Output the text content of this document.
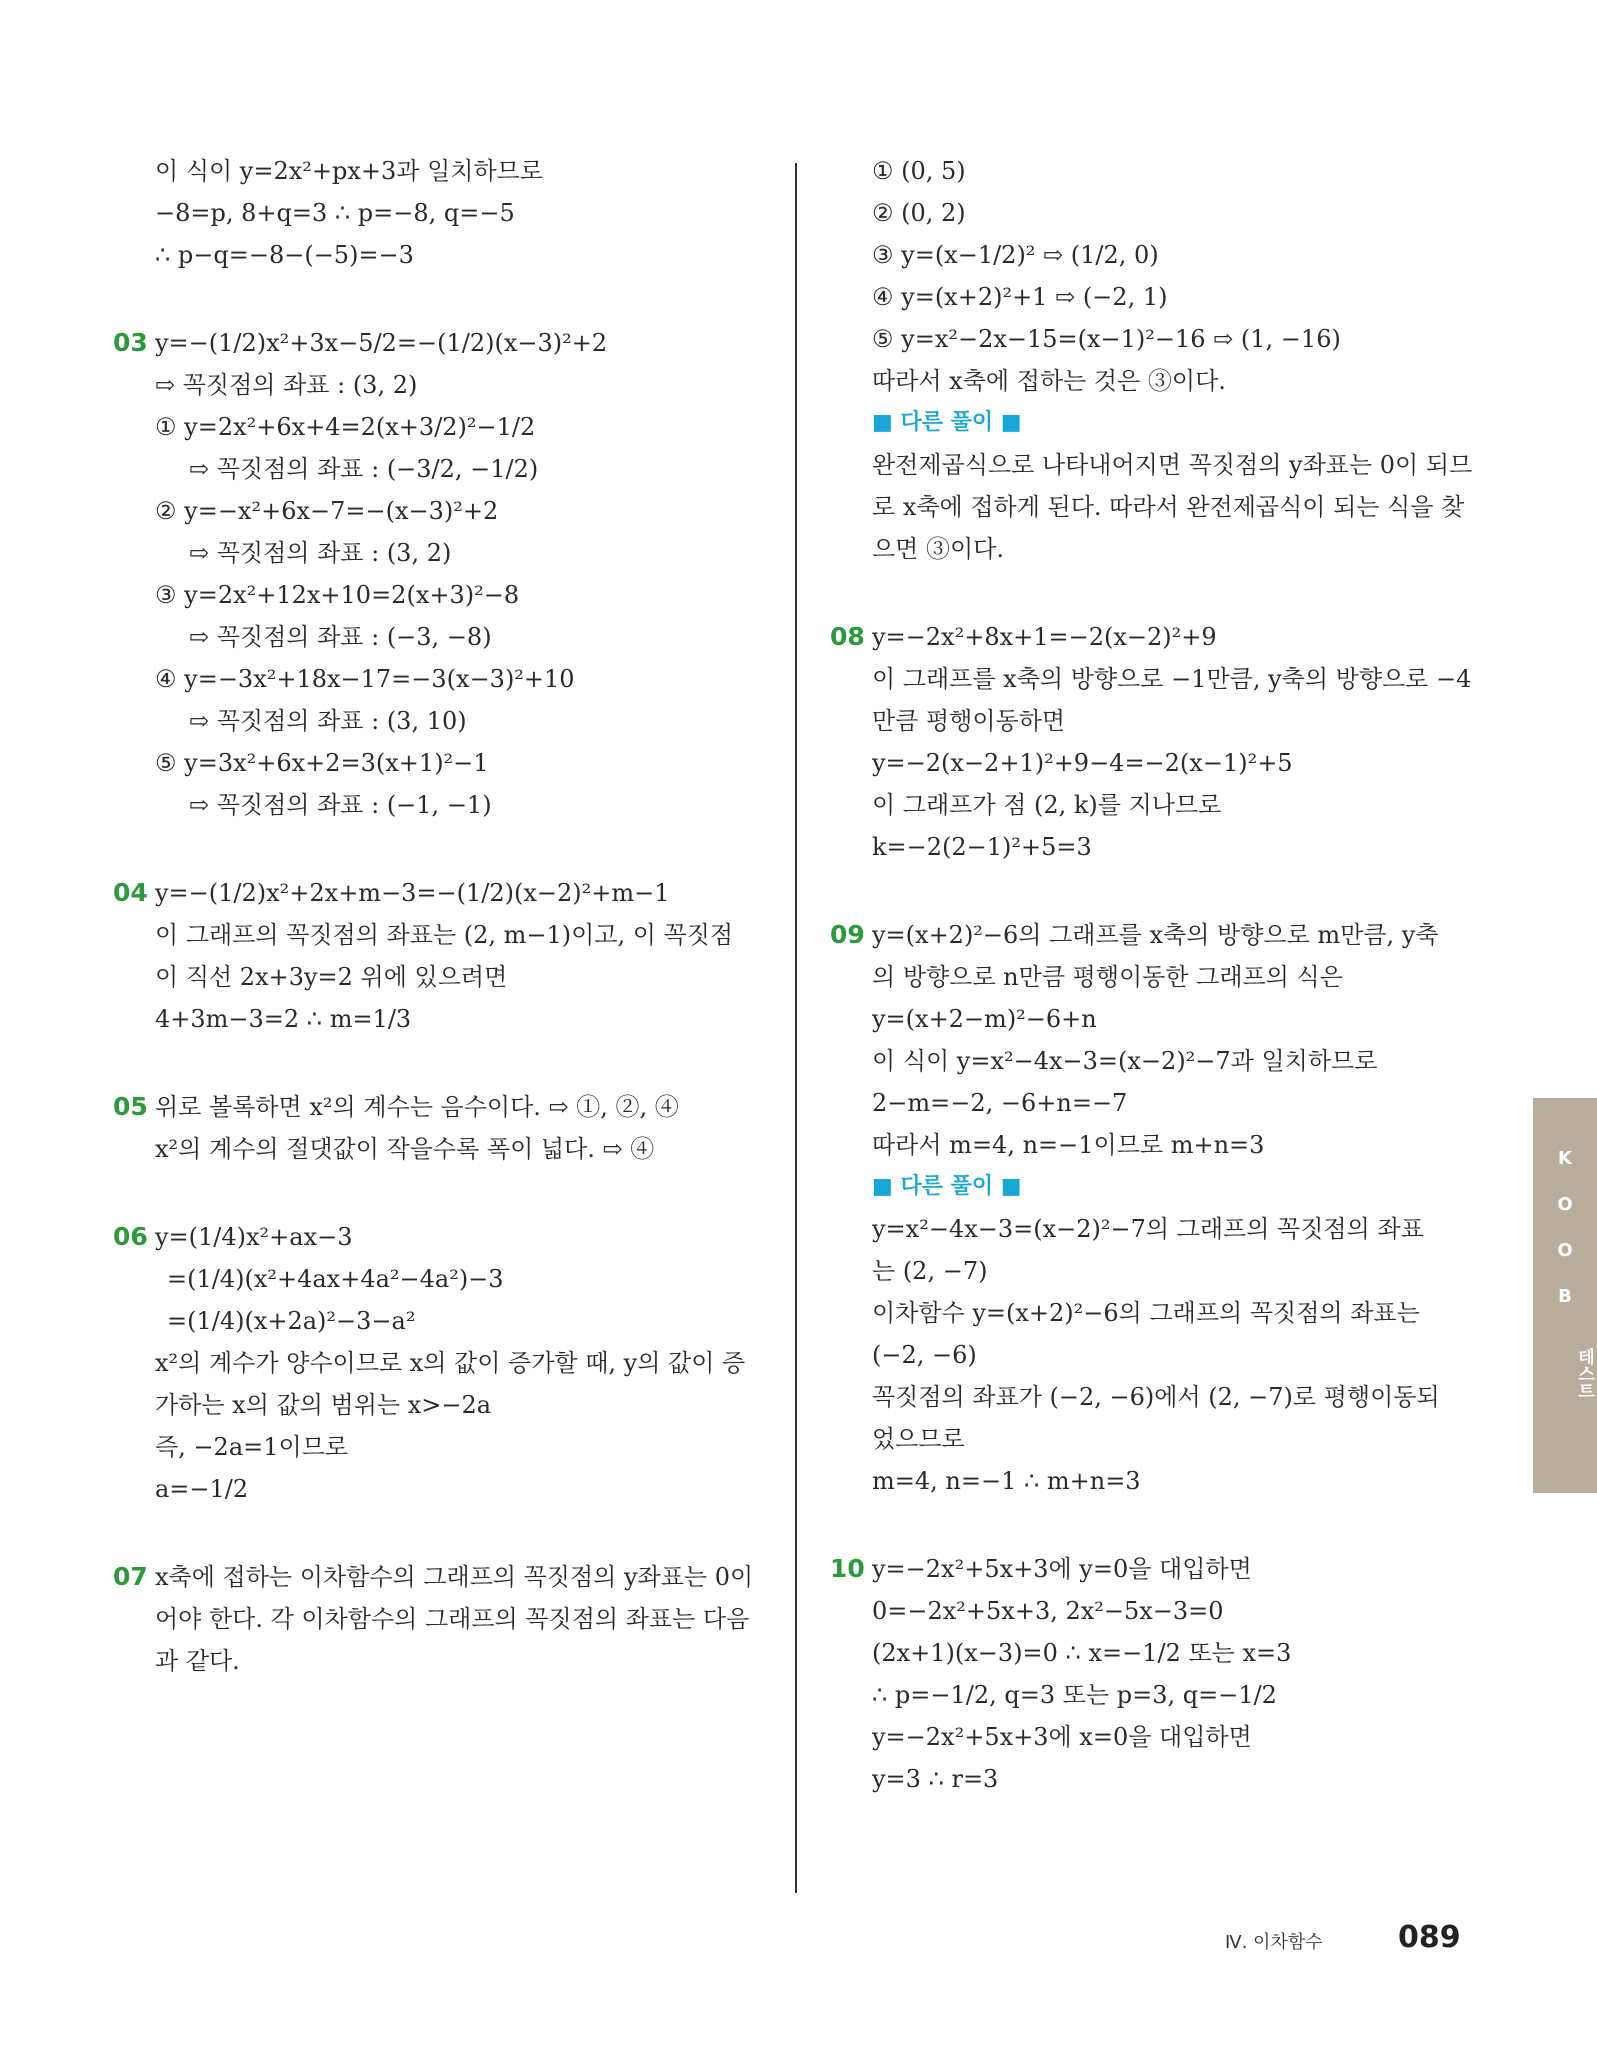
이 식이 y=2x²+px+3과 일치하므로
−8=p, 8+q=3 ∴ p=−8, q=−5
∴ p−q=−8−(−5)=−3
03 y=−(1/2)x²+3x−5/2=−(1/2)(x−3)²+2
⇨ 꼭짓점의 좌표 : (3, 2)
① y=2x²+6x+4=2(x+3/2)²−1/2
⇨ 꼭짓점의 좌표 : (−3/2, −1/2)
② y=−x²+6x−7=−(x−3)²+2
⇨ 꼭짓점의 좌표 : (3, 2)
③ y=2x²+12x+10=2(x+3)²−8
⇨ 꼭짓점의 좌표 : (−3, −8)
④ y=−3x²+18x−17=−3(x−3)²+10
⇨ 꼭짓점의 좌표 : (3, 10)
⑤ y=3x²+6x+2=3(x+1)²−1
⇨ 꼭짓점의 좌표 : (−1, −1)
04 y=−(1/2)x²+2x+m−3=−(1/2)(x−2)²+m−1
이 그래프의 꼭짓점의 좌표는 (2, m−1)이고, 이 꼭짓점
이 직선 2x+3y=2 위에 있으려면
4+3m−3=2 ∴ m=1/3
05 위로 볼록하면 x²의 계수는 음수이다. ⇨ ①, ②, ④
x²의 계수의 절댓값이 작을수록 폭이 넓다. ⇨ ④
06 y=(1/4)x²+ax−3
=(1/4)(x²+4ax+4a²−4a²)−3
=(1/4)(x+2a)²−3−a²
x²의 계수가 양수이므로 x의 값이 증가할 때, y의 값이 증
가하는 x의 값의 범위는 x>−2a
즉, −2a=1이므로
a=−1/2
07 x축에 접하는 이차함수의 그래프의 꼭짓점의 y좌표는 0이
어야 한다. 각 이차함수의 그래프의 꼭짓점의 좌표는 다음
과 같다.
① (0, 5)
② (0, 2)
③ y=(x−1/2)² ⇨ (1/2, 0)
④ y=(x+2)²+1 ⇨ (−2, 1)
⑤ y=x²−2x−15=(x−1)²−16 ⇨ (1, −16)
따라서 x축에 접하는 것은 ③이다.
■ 다른 풀이 ■
완전제곱식으로 나타내어지면 꼭짓점의 y좌표는 0이 되므
로 x축에 접하게 된다. 따라서 완전제곱식이 되는 식을 찾
으면 ③이다.
08 y=−2x²+8x+1=−2(x−2)²+9
이 그래프를 x축의 방향으로 −1만큼, y축의 방향으로 −4
만큼 평행이동하면
y=−2(x−2+1)²+9−4=−2(x−1)²+5
이 그래프가 점 (2, k)를 지나므로
k=−2(2−1)²+5=3
09 y=(x+2)²−6의 그래프를 x축의 방향으로 m만큼, y축
의 방향으로 n만큼 평행이동한 그래프의 식은
y=(x+2−m)²−6+n
이 식이 y=x²−4x−3=(x−2)²−7과 일치하므로
2−m=−2, −6+n=−7
따라서 m=4, n=−1이므로 m+n=3
■ 다른 풀이 ■
y=x²−4x−3=(x−2)²−7의 그래프의 꼭짓점의 좌표
는 (2, −7)
이차함수 y=(x+2)²−6의 그래프의 꼭짓점의 좌표는
(−2, −6)
꼭짓점의 좌표가 (−2, −6)에서 (2, −7)로 평행이동되
었으므로
m=4, n=−1 ∴ m+n=3
10 y=−2x²+5x+3에 y=0을 대입하면
0=−2x²+5x+3, 2x²−5x−3=0
(2x+1)(x−3)=0 ∴ x=−1/2 또는 x=3
∴ p=−1/2, q=3 또는 p=3, q=−1/2
y=−2x²+5x+3에 x=0을 대입하면
y=3 ∴ r=3
K
O
O
B
테스트
Ⅳ. 이차함수	089
